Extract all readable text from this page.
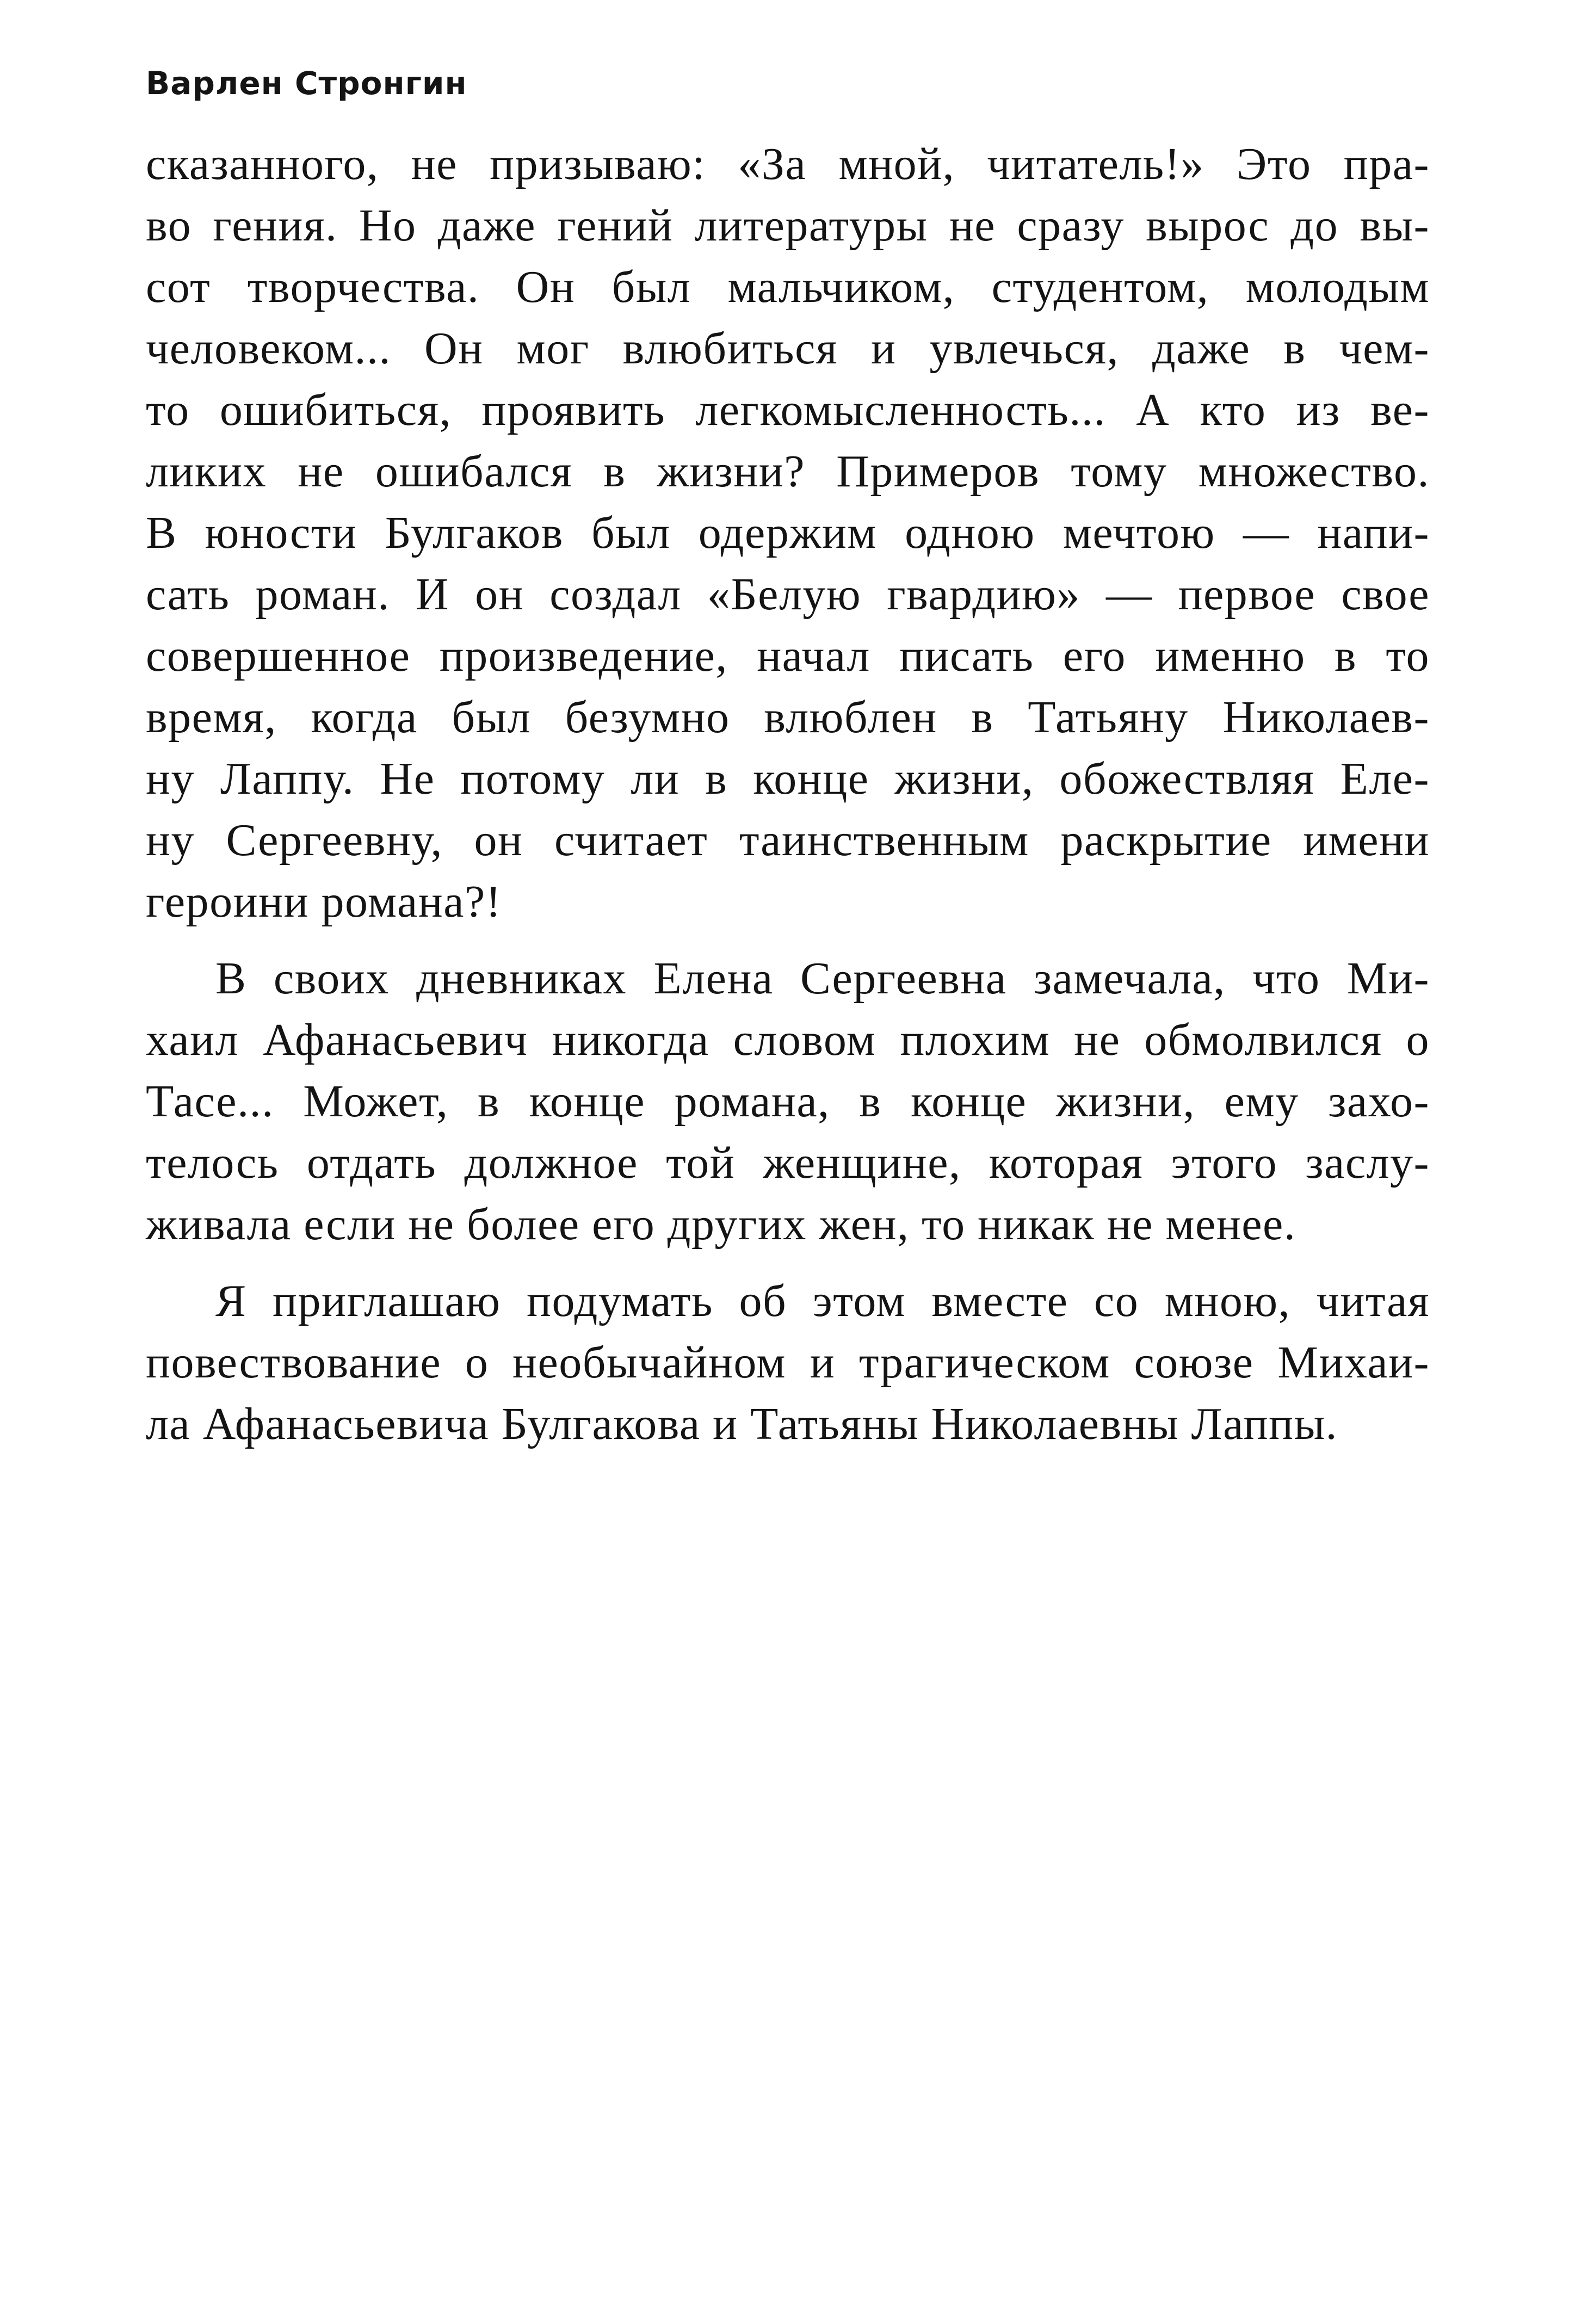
Варлен Стронгин
сказанного, не призываю: «За мной, читатель!» Это пра-
во гения. Но даже гений литературы не сразу вырос до вы-
сот творчества. Он был мальчиком, студентом, молодым
человеком... Он мог влюбиться и увлечься, даже в чем-
то ошибиться, проявить легкомысленность... А кто из ве-
ликих не ошибался в жизни? Примеров тому множество.
В юности Булгаков был одержим одною мечтою — напи-
сать роман. И он создал «Белую гвардию» — первое свое
совершенное произведение, начал писать его именно в то
время, когда был безумно влюблен в Татьяну Николаев-
ну Лаппу. Не потому ли в конце жизни, обожествляя Еле-
ну Сергеевну, он считает таинственным раскрытие имени
героини романа?!
В своих дневниках Елена Сергеевна замечала, что Ми-
хаил Афанасьевич никогда словом плохим не обмолвился о
Тасе... Может, в конце романа, в конце жизни, ему захо-
телось отдать должное той женщине, которая этого заслу-
живала если не более его других жен, то никак не менее.
Я приглашаю подумать об этом вместе со мною, читая
повествование о необычайном и трагическом союзе Михаи-
ла Афанасьевича Булгакова и Татьяны Николаевны Лаппы.
